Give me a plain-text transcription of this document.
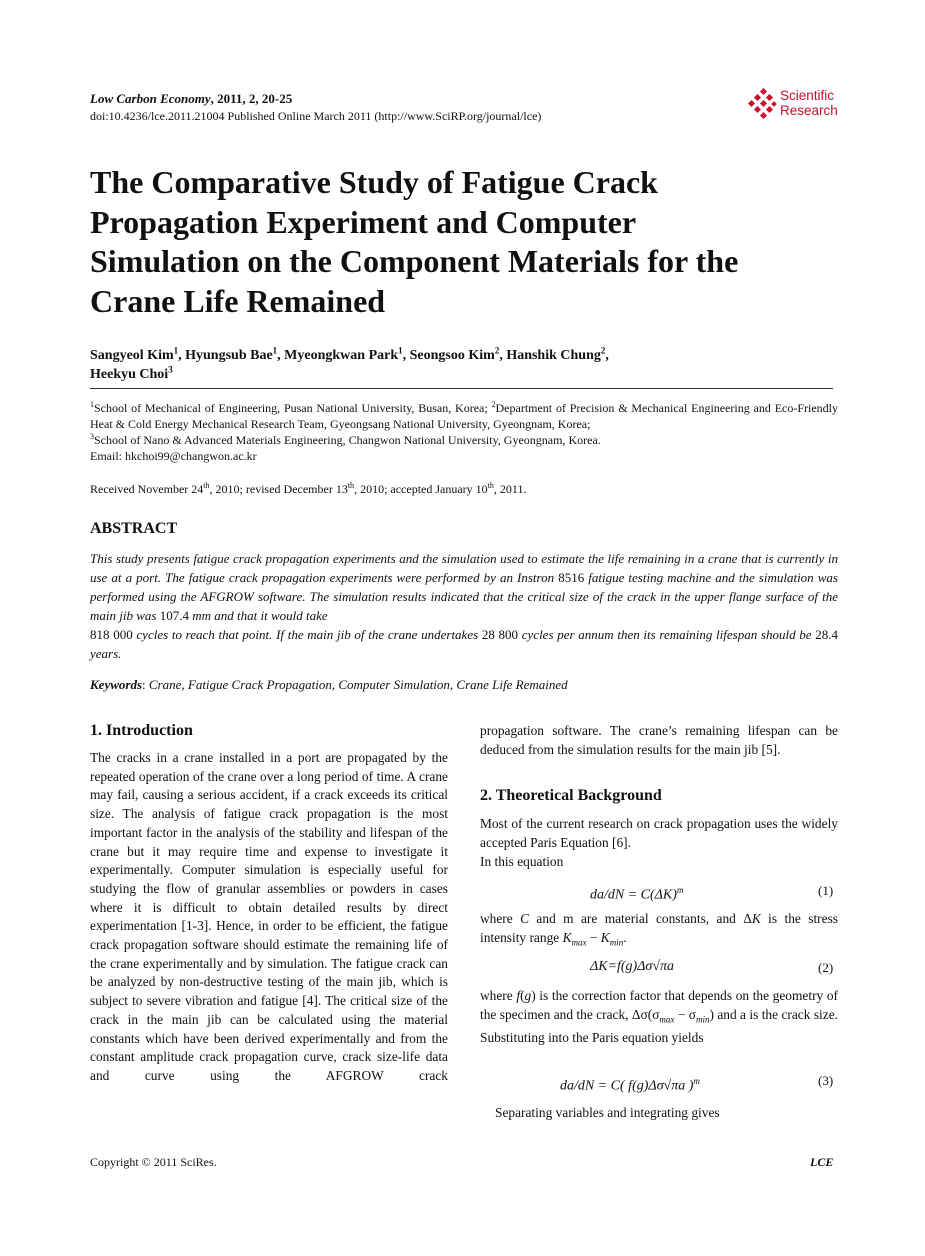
Low Carbon Economy, 2011, 2, 20-25
doi:10.4236/lce.2011.21004 Published Online March 2011 (http://www.SciRP.org/journal/lce)
Scientific
Research
The Comparative Study of Fatigue Crack
Propagation Experiment and Computer
Simulation on the Component Materials for the
Crane Life Remained
Sangyeol Kim$^1$, Hyungsub Bae$^1$, Myeongkwan Park$^1$, Seongsoo Kim$^2$, Hanshik Chung$^2$,
Heekyu Choi$^3$
$^1$School of Mechanical of Engineering, Pusan National University, Busan, Korea; $^2$Department of Precision & Mechanical Engineering and Eco-Friendly Heat & Cold Energy Mechanical Research Team, Gyeongsang National University, Gyeongnam, Korea;
$^3$School of Nano & Advanced Materials Engineering, Changwon National University, Gyeongnam, Korea.
Email: hkchoi99@changwon.ac.kr
Received November 24th, 2010; revised December 13th, 2010; accepted January 10th, 2011.
ABSTRACT
This study presents fatigue crack propagation experiments and the simulation used to estimate the life remaining in a crane that is currently in use at a port. The fatigue crack propagation experiments were performed by an Instron 8516 fatigue testing machine and the simulation was performed using the AFGROW software. The simulation results indicated that the critical size of the crack in the upper flange surface of the main jib was 107.4 mm and that it would take
818 000 cycles to reach that point. If the main jib of the crane undertakes 28 800 cycles per annum then its remaining lifespan should be 28.4 years.
Keywords: Crane, Fatigue Crack Propagation, Computer Simulation, Crane Life Remained
1. Introduction

The cracks in a crane installed in a port are propagated by the repeated operation of the crane over a long period of time. A crane may fail, causing a serious accident, if a crack exceeds its critical size. The analysis of fatigue crack propagation is the most important factor in the analysis of the stability and lifespan of the crane but it may require time and expense to investigate it experimentally. Computer simulation is especially useful for studying the flow of granular assemblies or powders in cases where it is difficult to obtain detailed results by direct experimentation [1-3]. Hence, in order to be efficient, the fatigue crack propagation software should estimate the remaining life of the crane experimentally and by simulation. The fatigue crack can be analyzed by non-destructive testing of the main jib, which is subject to severe vibration and fatigue [4]. The critical size of the crack in the main jib can be calculated using the material constants which have been derived experimentally and from the constant amplitude crack propagation curve, crack size-life data and curve using the AFGROW crack

propagation software. The crane’s remaining lifespan can be deduced from the simulation results for the main jib [5].

2. Theoretical Background

Most of the current research on crack propagation uses the widely accepted Paris Equation [6].

In this equation

$da/dN = C(\Delta K)^m$	(1)

where C and m are material constants, and ΔK is the stress intensity range $K_{max} - K_{min}$.

ΔK=f(g)Δσ√πa	(2)

where f(g) is the correction factor that depends on the geometry of the specimen and the crack, $\Delta\sigma(\sigma_{max} - \sigma_{min})$ and a is the crack size. Substituting into the Paris equation yields

da/dN = C( f(g)Δσ√πa )$^m$	(3)

Separating variables and integrating gives

Copyright © 2011 SciRes.	LCE
